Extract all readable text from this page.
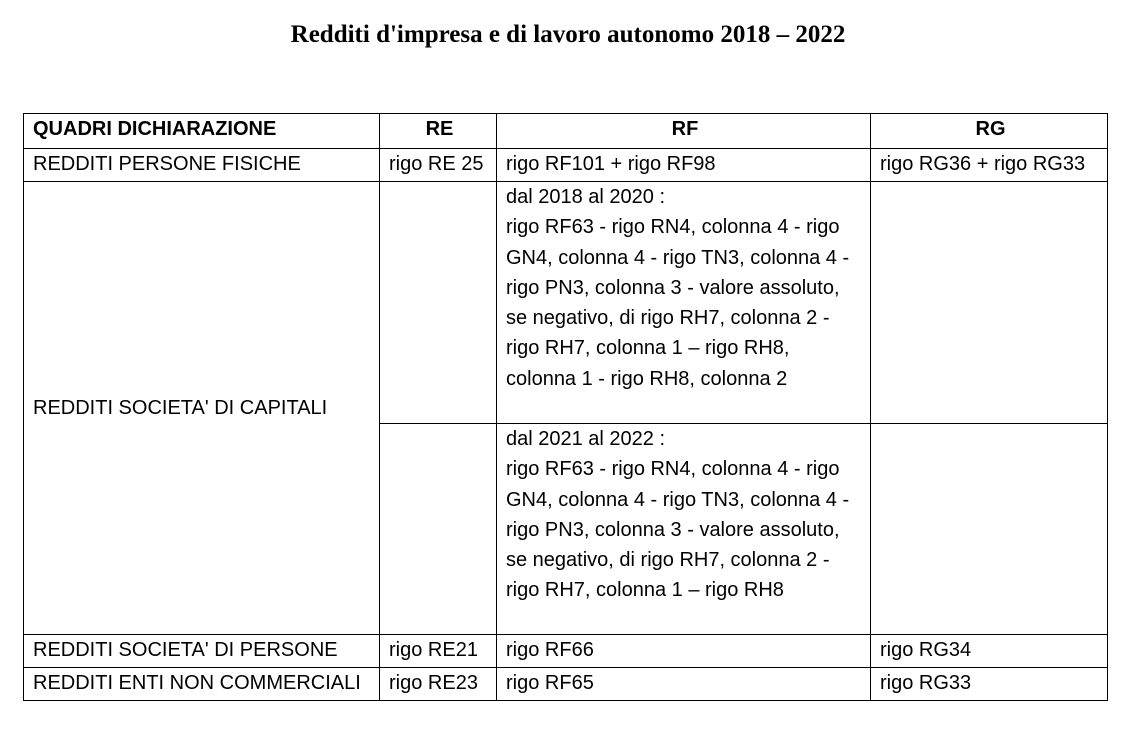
Redditi d'impresa e di lavoro autonomo 2018 – 2022
QUADRI DICHIARAZIONE	RE	RF	RG
REDDITI PERSONE FISICHE	rigo RE 25	rigo RF101 + rigo RF98	rigo RG36 + rigo RG33
REDDITI SOCIETA' DI CAPITALI		dal 2018 al 2020 :
rigo RF63 - rigo RN4, colonna 4 - rigo GN4, colonna 4 - rigo TN3, colonna 4 - rigo PN3, colonna 3 - valore assoluto, se negativo, di rigo RH7, colonna 2 - rigo RH7, colonna 1 – rigo RH8, colonna 1 - rigo RH8, colonna 2	

		dal 2021 al 2022 :
rigo RF63 - rigo RN4, colonna 4 - rigo GN4, colonna 4 - rigo TN3, colonna 4 - rigo PN3, colonna 3 - valore assoluto, se negativo, di rigo RH7, colonna 2 - rigo RH7, colonna 1 – rigo RH8	
REDDITI SOCIETA' DI PERSONE	rigo RE21	rigo RF66	rigo RG34
REDDITI ENTI NON COMMERCIALI	rigo RE23	rigo RF65	rigo RG33
